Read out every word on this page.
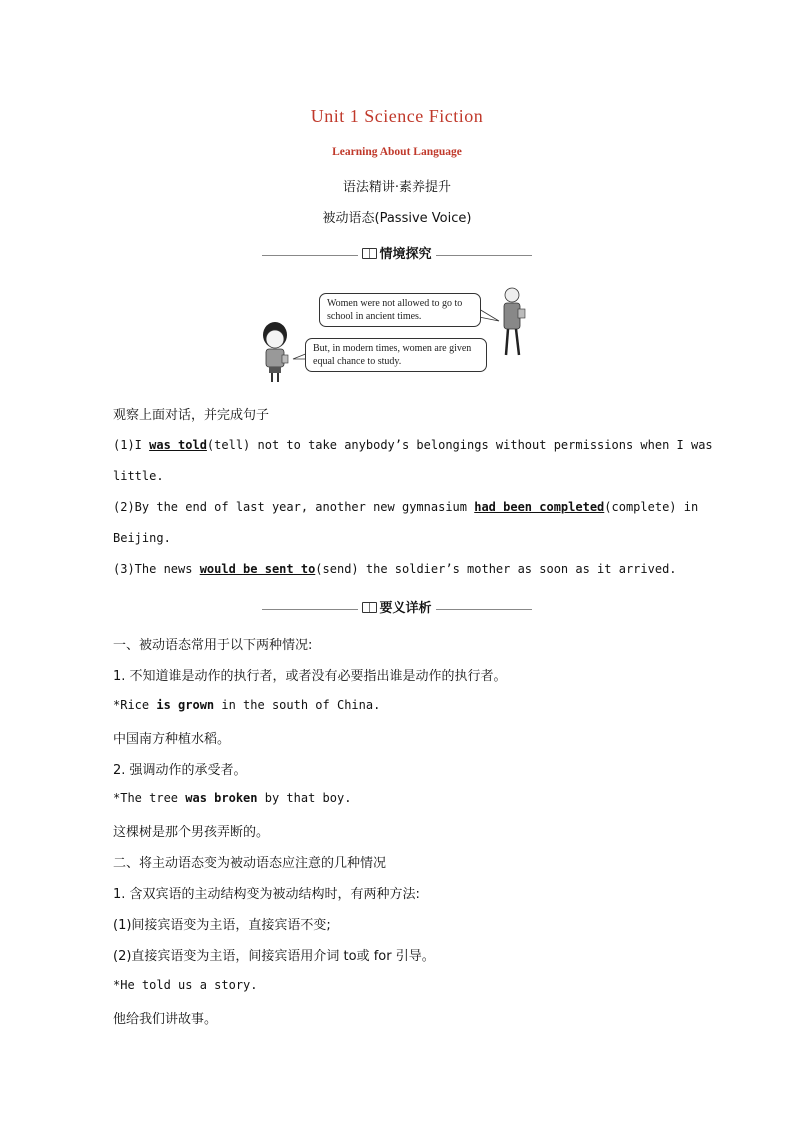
Unit 1 Science Fiction
Learning About Language
语法精讲·素养提升
被动语态(Passive Voice)
情境探究
Women were not allowed to go to school in ancient times.
But, in modern times, women are given equal chance to study.
观察上面对话，并完成句子
(1)I was told(tell) not to take anybody’s belongings without permissions when I was
little.
(2)By the end of last year, another new gymnasium had been completed(complete) in
Beijing.
(3)The news would be sent to(send) the soldier’s mother as soon as it arrived.
要义详析
一、被动语态常用于以下两种情况:
1. 不知道谁是动作的执行者，或者没有必要指出谁是动作的执行者。
*Rice is grown in the south of China.
中国南方种植水稻。
2. 强调动作的承受者。
*The tree was broken by that boy.
这棵树是那个男孩弄断的。
二、将主动语态变为被动语态应注意的几种情况
1. 含双宾语的主动结构变为被动结构时，有两种方法:
(1)间接宾语变为主语，直接宾语不变;
(2)直接宾语变为主语，间接宾语用介词 to或 for 引导。
*He told us a story.
他给我们讲故事。
